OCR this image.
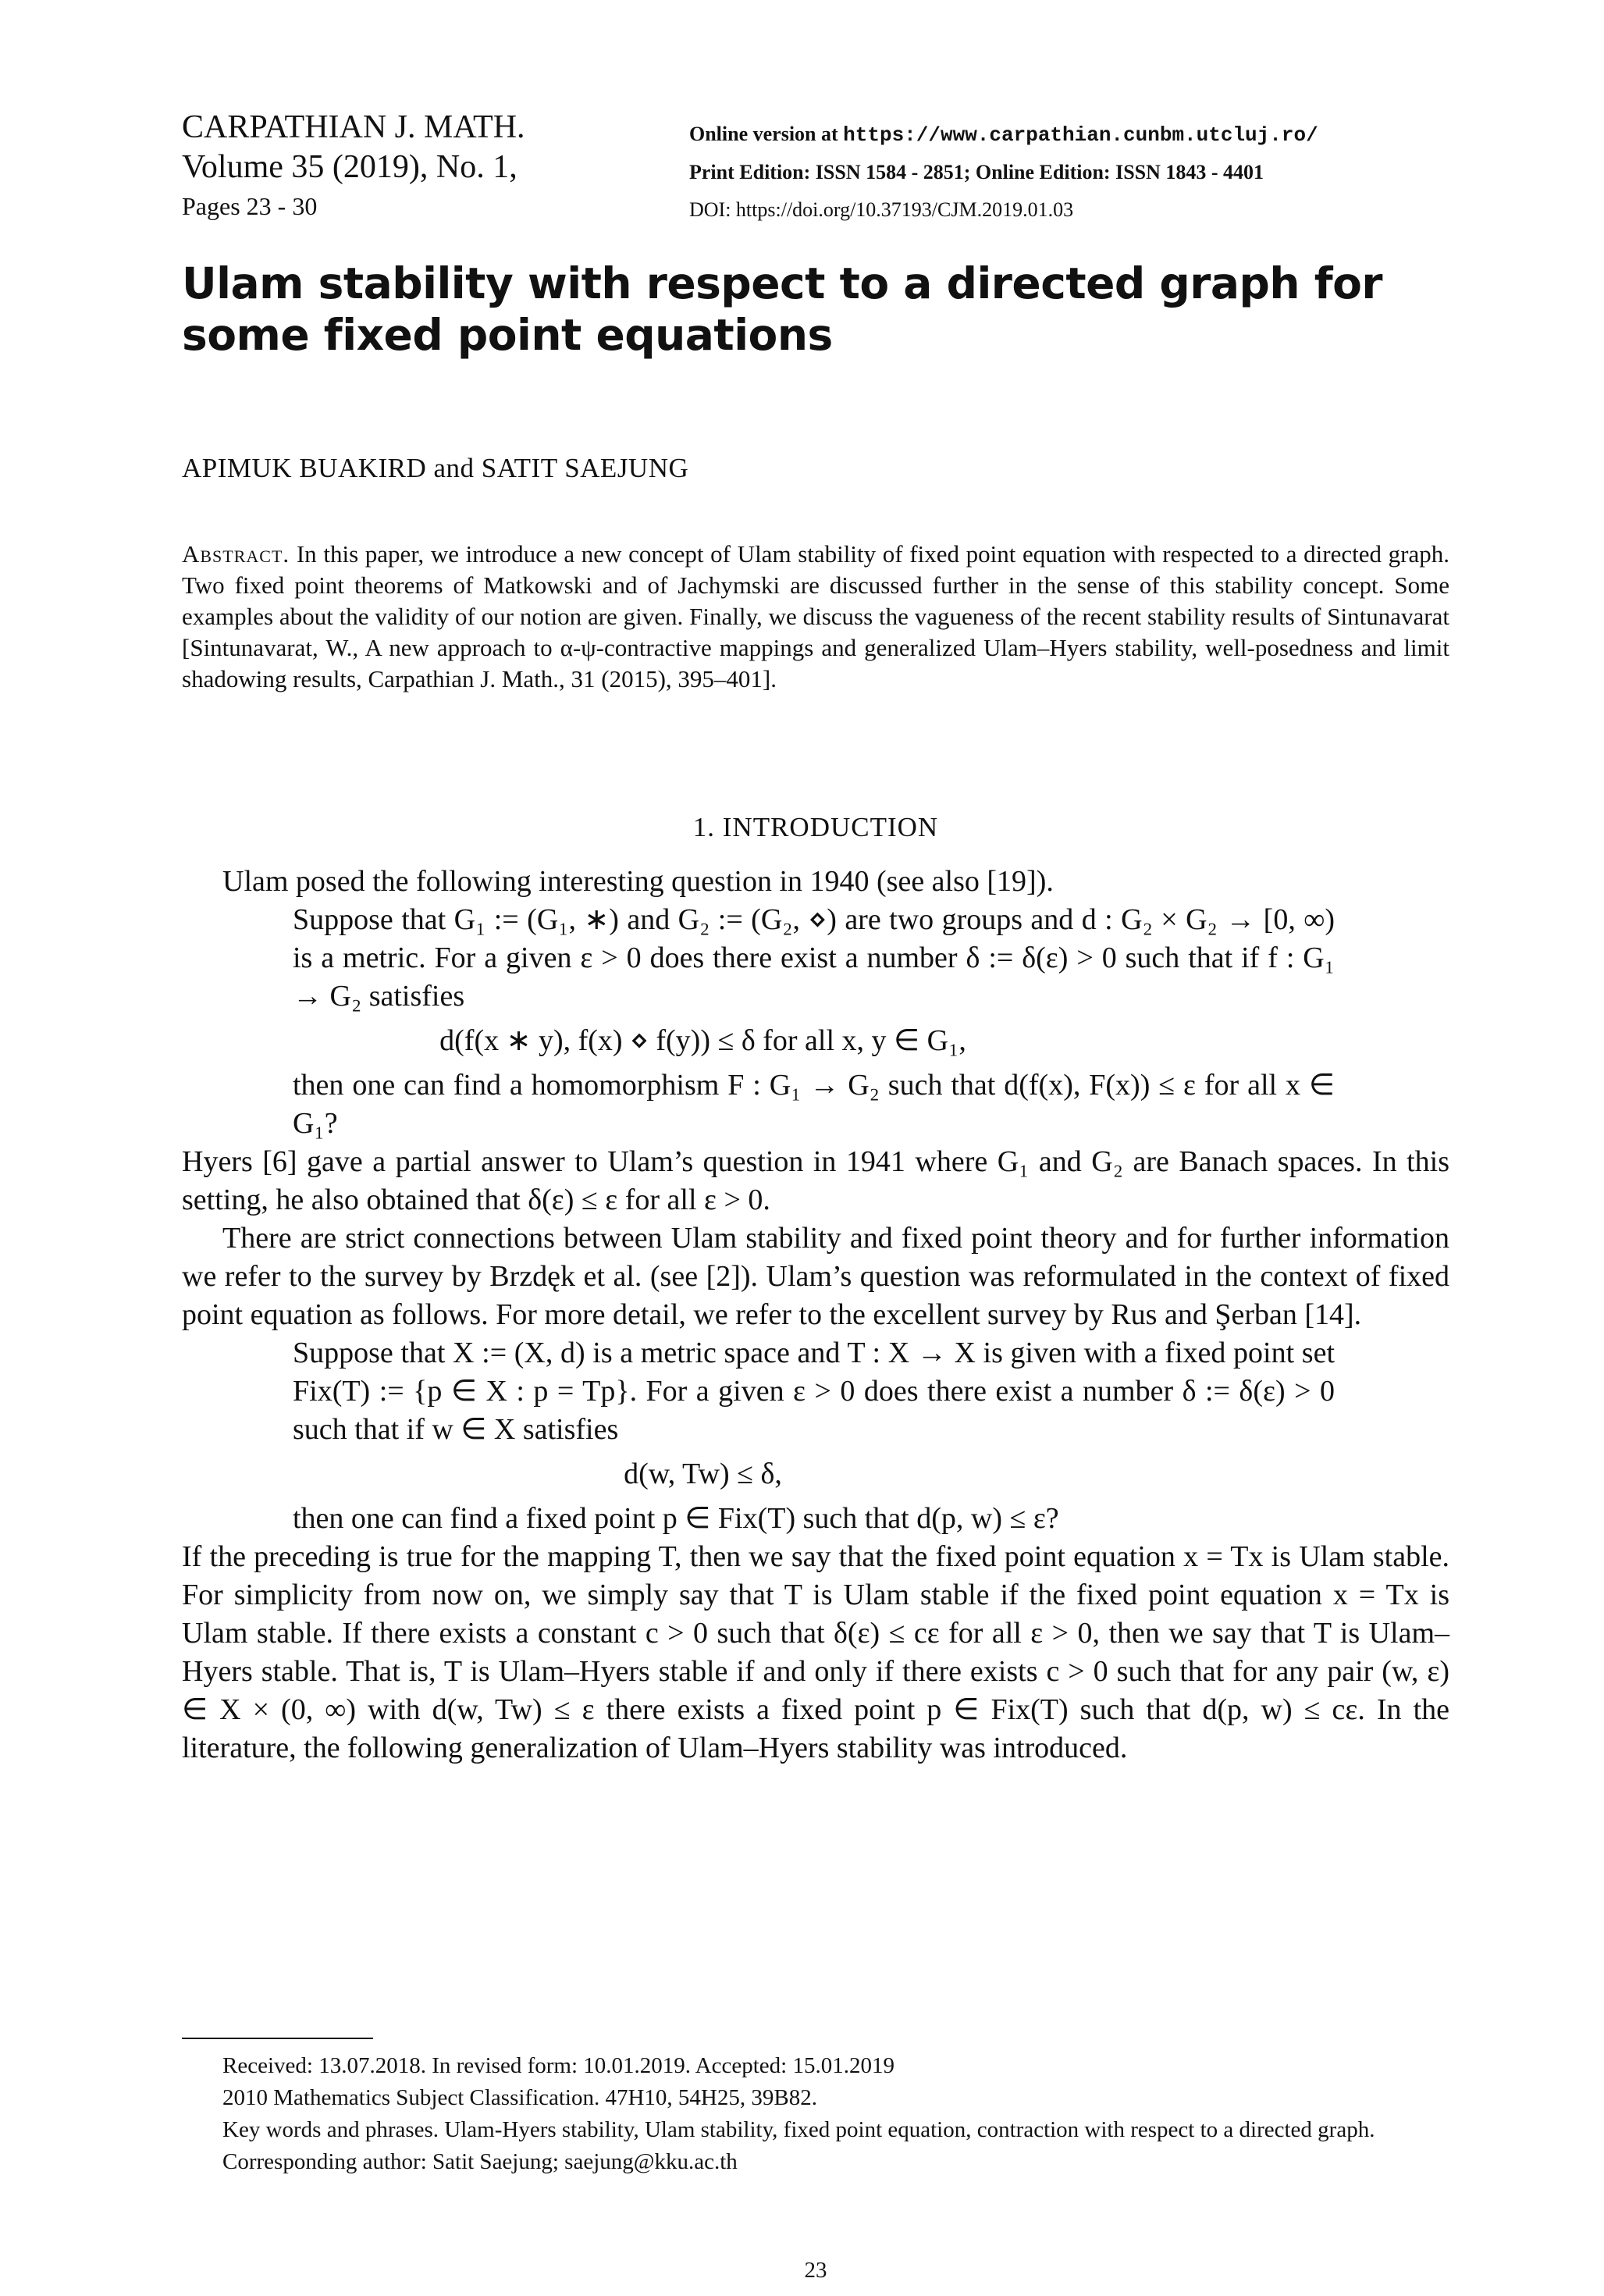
CARPATHIAN J. MATH.
Volume 35 (2019), No. 1,
Pages 23 - 30
Online version at https://www.carpathian.cunbm.utcluj.ro/
Print Edition: ISSN 1584 - 2851; Online Edition: ISSN 1843 - 4401
DOI: https://doi.org/10.37193/CJM.2019.01.03
Ulam stability with respect to a directed graph for some fixed point equations
APIMUK BUAKIRD and SATIT SAEJUNG
Abstract. In this paper, we introduce a new concept of Ulam stability of fixed point equation with respected to a directed graph. Two fixed point theorems of Matkowski and of Jachymski are discussed further in the sense of this stability concept. Some examples about the validity of our notion are given. Finally, we discuss the vagueness of the recent stability results of Sintunavarat [Sintunavarat, W., A new approach to α-ψ-contractive mappings and generalized Ulam–Hyers stability, well-posedness and limit shadowing results, Carpathian J. Math., 31 (2015), 395–401].
1. INTRODUCTION

Ulam posed the following interesting question in 1940 (see also [19]).

Suppose that G₁ := (G₁, ∗) and G₂ := (G₂, ⋄) are two groups and d : G₂ × G₂ → [0, ∞) is a metric. For a given ε > 0 does there exist a number δ := δ(ε) > 0 such that if f : G₁ → G₂ satisfies

d(f(x ∗ y), f(x) ⋄ f(y)) ≤ δ for all x, y ∈ G₁,

then one can find a homomorphism F : G₁ → G₂ such that d(f(x), F(x)) ≤ ε for all x ∈ G₁?

Hyers [6] gave a partial answer to Ulam’s question in 1941 where G₁ and G₂ are Banach spaces. In this setting, he also obtained that δ(ε) ≤ ε for all ε > 0.

There are strict connections between Ulam stability and fixed point theory and for further information we refer to the survey by Brzdęk et al. (see [2]). Ulam’s question was reformulated in the context of fixed point equation as follows. For more detail, we refer to the excellent survey by Rus and Şerban [14].

Suppose that X := (X, d) is a metric space and T : X → X is given with a fixed point set Fix(T) := {p ∈ X : p = Tp}. For a given ε > 0 does there exist a number δ := δ(ε) > 0 such that if w ∈ X satisfies

d(w, Tw) ≤ δ,

then one can find a fixed point p ∈ Fix(T) such that d(p, w) ≤ ε?

If the preceding is true for the mapping T, then we say that the fixed point equation x = Tx is Ulam stable. For simplicity from now on, we simply say that T is Ulam stable if the fixed point equation x = Tx is Ulam stable. If there exists a constant c > 0 such that δ(ε) ≤ cε for all ε > 0, then we say that T is Ulam–Hyers stable. That is, T is Ulam–Hyers stable if and only if there exists c > 0 such that for any pair (w, ε) ∈ X × (0, ∞) with d(w, Tw) ≤ ε there exists a fixed point p ∈ Fix(T) such that d(p, w) ≤ cε. In the literature, the following generalization of Ulam–Hyers stability was introduced.

Received: 13.07.2018. In revised form: 10.01.2019. Accepted: 15.01.2019

2010 Mathematics Subject Classification. 47H10, 54H25, 39B82.

Key words and phrases. Ulam-Hyers stability, Ulam stability, fixed point equation, contraction with respect to a directed graph.

Corresponding author: Satit Saejung; saejung@kku.ac.th

23
